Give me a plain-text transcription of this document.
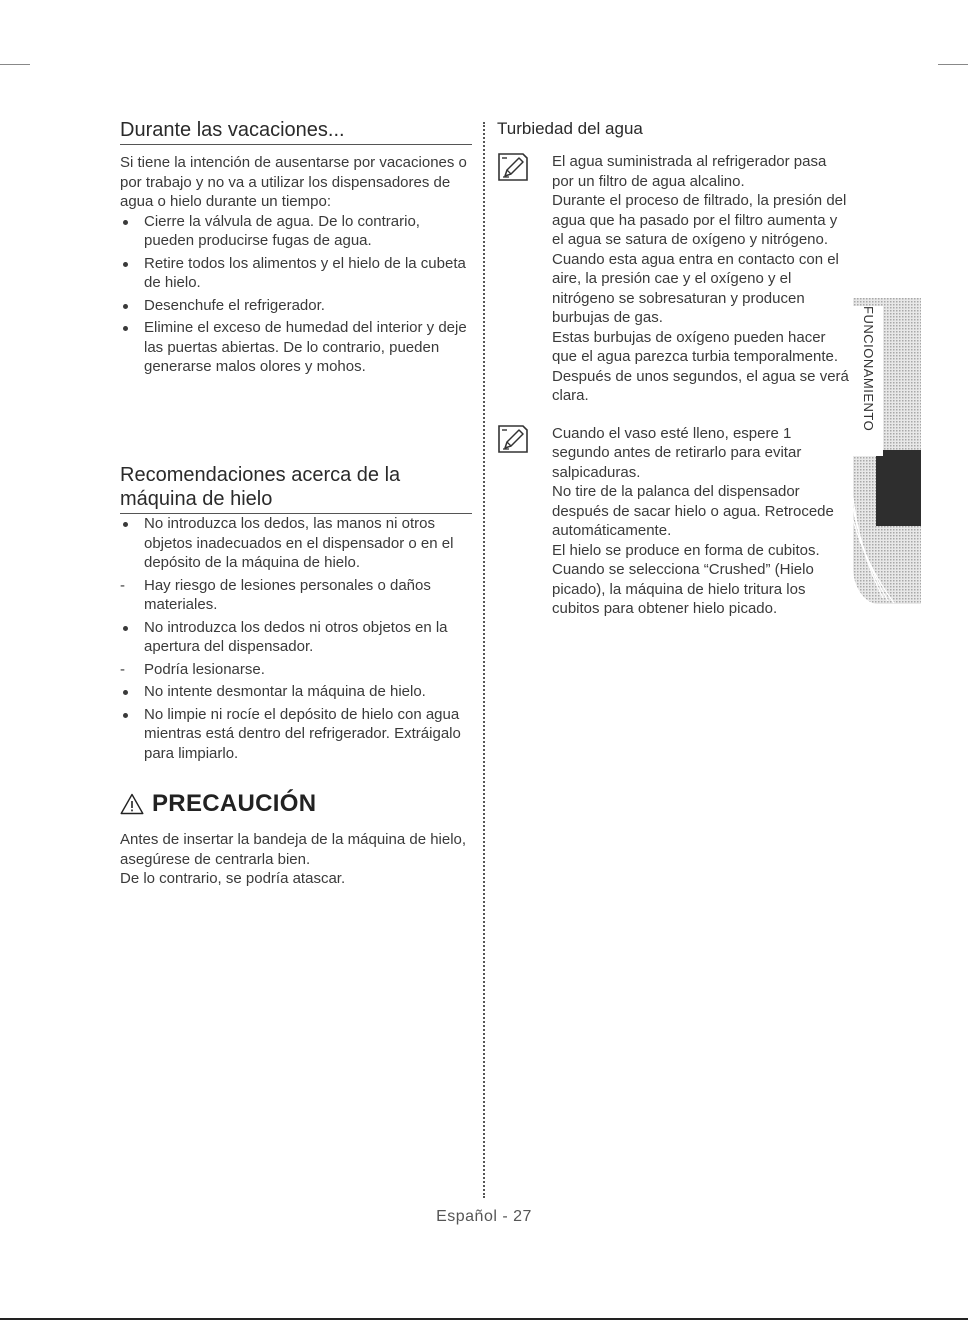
Durante las vacaciones...

Si tiene la intención de ausentarse por vacaciones o por trabajo y no va a utilizar los dispensadores de agua o hielo durante un tiempo:

Cierre la válvula de agua. De lo contrario, pueden producirse fugas de agua.
Retire todos los alimentos y el hielo de la cubeta de hielo.
Desenchufe el refrigerador.
Elimine el exceso de humedad del interior y deje las puertas abiertas. De lo contrario, pueden generarse malos olores y mohos.
Recomendaciones acerca de la
máquina de hielo
No introduzca los dedos, las manos ni otros objetos inadecuados en el dispensador o en el depósito de la máquina de hielo.
-	Hay riesgo de lesiones personales o daños materiales.
No introduzca los dedos ni otros objetos en la apertura del dispensador.
-	Podría lesionarse.
No intente desmontar la máquina de hielo.
No limpie ni rocíe el depósito de hielo con agua mientras está dentro del refrigerador. Extráigalo para limpiarlo.
PRECAUCIÓN

Antes de insertar la bandeja de la máquina de hielo, asegúrese de centrarla bien.

De lo contrario, se podría atascar.

Turbiedad del agua

El agua suministrada al refrigerador pasa por un filtro de agua alcalino.

Durante el proceso de filtrado, la presión del agua que ha pasado por el filtro aumenta y el agua se satura de oxígeno y nitrógeno. Cuando esta agua entra en contacto con el aire, la presión cae y el oxígeno y el nitrógeno se sobresaturan y producen burbujas de gas.

Estas burbujas de oxígeno pueden hacer que el agua parezca turbia temporalmente.

Después de unos segundos, el agua se verá clara.

Cuando el vaso esté lleno, espere 1 segundo antes de retirarlo para evitar salpicaduras.

No tire de la palanca del dispensador después de sacar hielo o agua. Retrocede automáticamente.

El hielo se produce en forma de cubitos. Cuando se selecciona “Crushed” (Hielo picado), la máquina de hielo tritura los cubitos para obtener hielo picado.

FUNCIONAMIENTO
Español - 27
